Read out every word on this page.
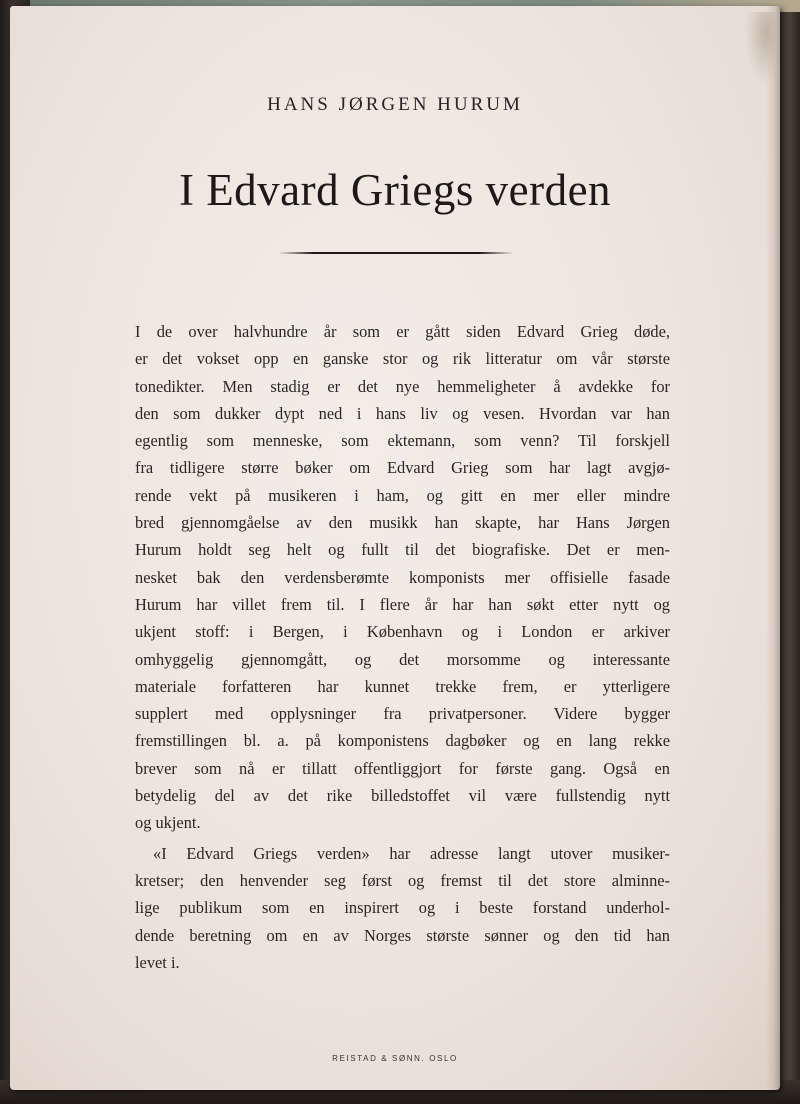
HANS JØRGEN HURUM
I Edvard Griegs verden
I de over halvhundre år som er gått siden Edvard Grieg døde,
er det vokset opp en ganske stor og rik litteratur om vår største
tonedikter. Men stadig er det nye hemmeligheter å avdekke for
den som dukker dypt ned i hans liv og vesen. Hvordan var han
egentlig som menneske, som ektemann, som venn? Til forskjell
fra tidligere større bøker om Edvard Grieg som har lagt avgjø-
rende vekt på musikeren i ham, og gitt en mer eller mindre
bred gjennomgåelse av den musikk han skapte, har Hans Jørgen
Hurum holdt seg helt og fullt til det biografiske. Det er men-
nesket bak den verdensberømte komponists mer offisielle fasade
Hurum har villet frem til. I flere år har han søkt etter nytt og
ukjent stoff: i Bergen, i København og i London er arkiver
omhyggelig gjennomgått, og det morsomme og interessante
materiale forfatteren har kunnet trekke frem, er ytterligere
supplert med opplysninger fra privatpersoner. Videre bygger
fremstillingen bl. a. på komponistens dagbøker og en lang rekke
brever som nå er tillatt offentliggjort for første gang. Også en
betydelig del av det rike billedstoffet vil være fullstendig nytt
og ukjent.
«I Edvard Griegs verden» har adresse langt utover musiker-
kretser; den henvender seg først og fremst til det store alminne-
lige publikum som en inspirert og i beste forstand underhol-
dende beretning om en av Norges største sønner og den tid han
levet i.
REISTAD & SØNN. OSLO
